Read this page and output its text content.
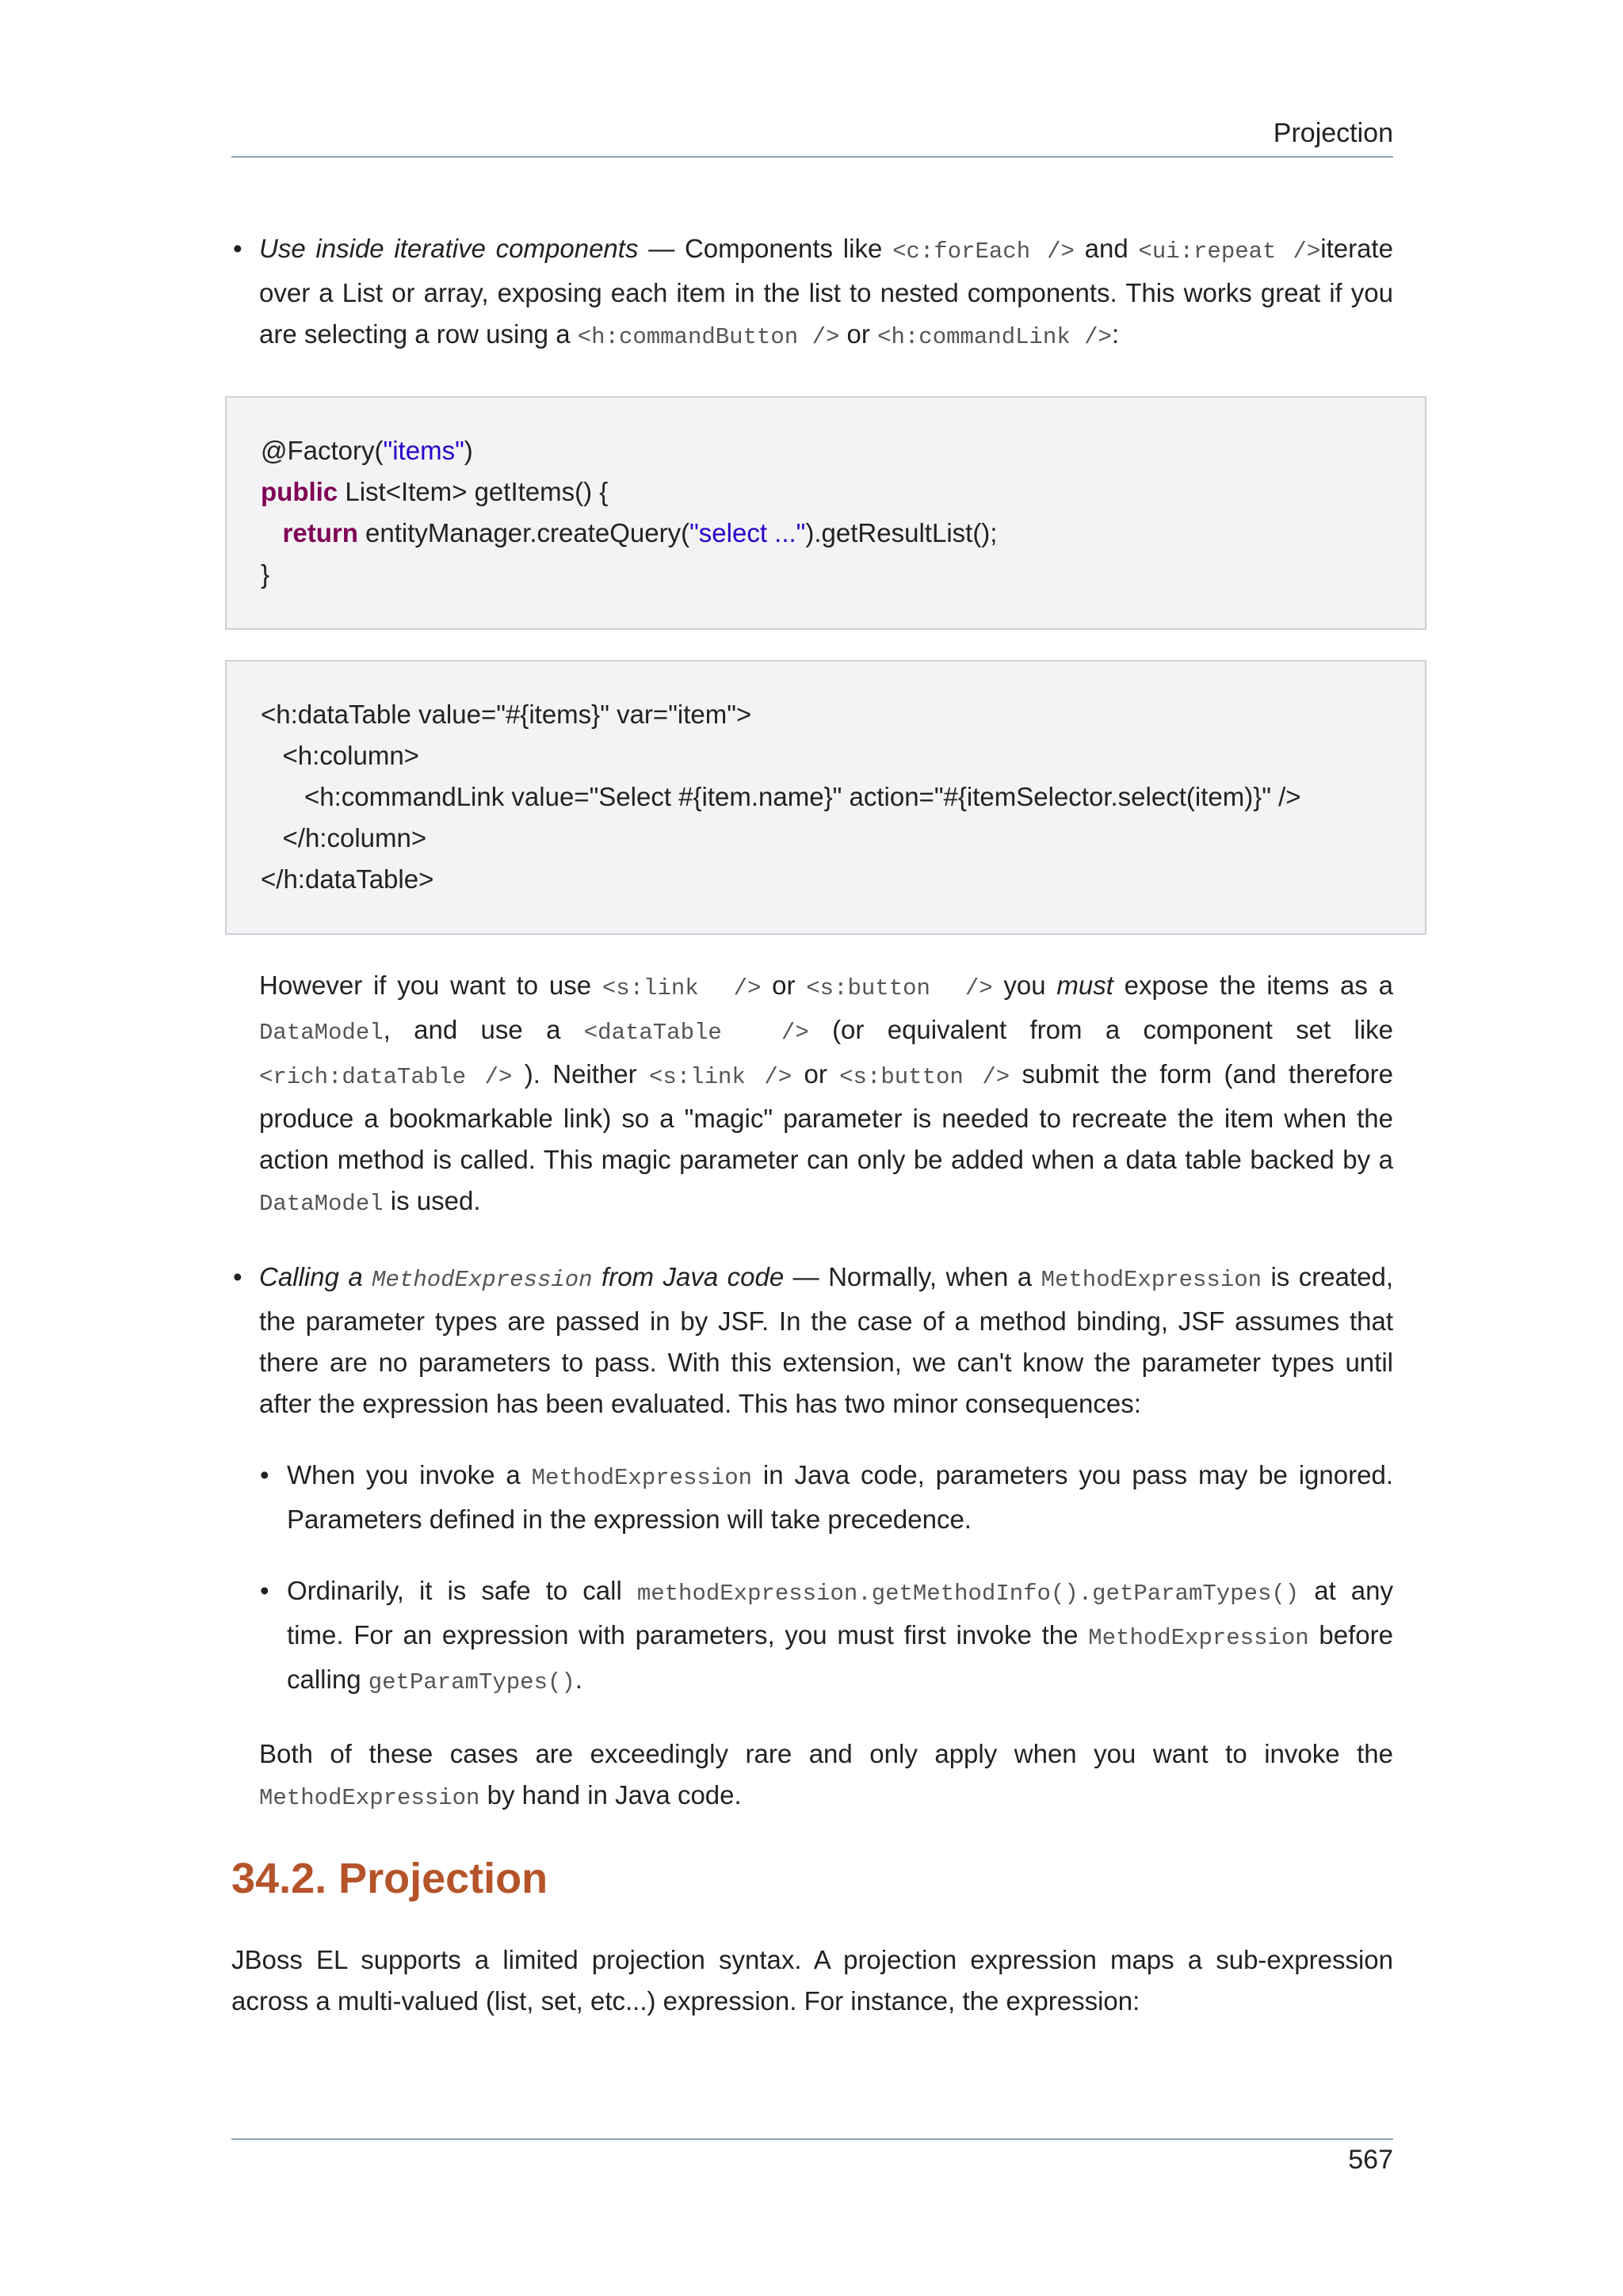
Projection
• Use inside iterative components — Components like <c:forEach /> and <ui:repeat />iterate over a List or array, exposing each item in the list to nested components. This works great if you are selecting a row using a <h:commandButton /> or <h:commandLink />:
@Factory("items")
public List<Item> getItems() {
return entityManager.createQuery("select ...").getResultList();
}
<h:dataTable value="#{items}" var="item">
<h:column>
<h:commandLink value="Select #{item.name}" action="#{itemSelector.select(item)}" />
</h:column>
</h:dataTable>
However if you want to use <s:link  /> or <s:button  /> you must expose the items as a DataModel, and use a <dataTable  /> (or equivalent from a component set like <rich:dataTable /> ). Neither <s:link /> or <s:button /> submit the form (and therefore produce a bookmarkable link) so a "magic" parameter is needed to recreate the item when the action method is called. This magic parameter can only be added when a data table backed by a DataModel is used.
• Calling a MethodExpression from Java code — Normally, when a MethodExpression is created, the parameter types are passed in by JSF. In the case of a method binding, JSF assumes that there are no parameters to pass. With this extension, we can't know the parameter types until after the expression has been evaluated. This has two minor consequences:
• When you invoke a MethodExpression in Java code, parameters you pass may be ignored. Parameters defined in the expression will take precedence.
• Ordinarily, it is safe to call methodExpression.getMethodInfo().getParamTypes() at any time. For an expression with parameters, you must first invoke the MethodExpression before calling getParamTypes().
Both of these cases are exceedingly rare and only apply when you want to invoke the MethodExpression by hand in Java code.
34.2. Projection
JBoss EL supports a limited projection syntax. A projection expression maps a sub-expression across a multi-valued (list, set, etc...) expression. For instance, the expression:
567
